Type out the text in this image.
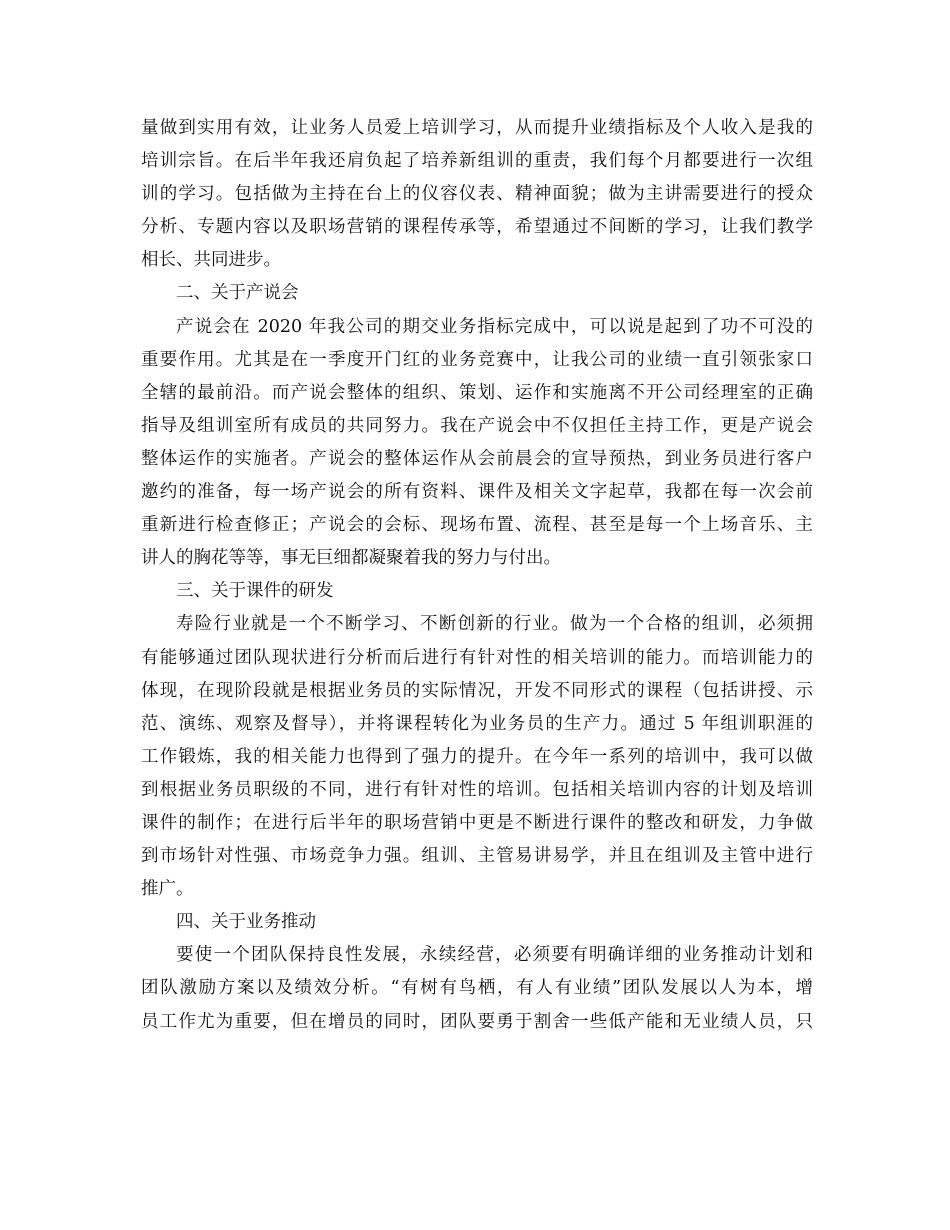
量做到实用有效，让业务人员爱上培训学习，从而提升业绩指标及个人收入是我的

培训宗旨。在后半年我还肩负起了培养新组训的重责，我们每个月都要进行一次组

训的学习。包括做为主持在台上的仪容仪表、精神面貌；做为主讲需要进行的授众

分析、专题内容以及职场营销的课程传承等，希望通过不间断的学习，让我们教学

相长、共同进步。

二、关于产说会

产说会在 2020 年我公司的期交业务指标完成中，可以说是起到了功不可没的

重要作用。尤其是在一季度开门红的业务竞赛中，让我公司的业绩一直引领张家口

全辖的最前沿。而产说会整体的组织、策划、运作和实施离不开公司经理室的正确

指导及组训室所有成员的共同努力。我在产说会中不仅担任主持工作，更是产说会

整体运作的实施者。产说会的整体运作从会前晨会的宣导预热，到业务员进行客户

邀约的准备，每一场产说会的所有资料、课件及相关文字起草，我都在每一次会前

重新进行检查修正；产说会的会标、现场布置、流程、甚至是每一个上场音乐、主

讲人的胸花等等，事无巨细都凝聚着我的努力与付出。

三、关于课件的研发

寿险行业就是一个不断学习、不断创新的行业。做为一个合格的组训，必须拥

有能够通过团队现状进行分析而后进行有针对性的相关培训的能力。而培训能力的

体现，在现阶段就是根据业务员的实际情况，开发不同形式的课程（包括讲授、示

范、演练、观察及督导），并将课程转化为业务员的生产力。通过 5 年组训职涯的

工作锻炼，我的相关能力也得到了强力的提升。在今年一系列的培训中，我可以做

到根据业务员职级的不同，进行有针对性的培训。包括相关培训内容的计划及培训

课件的制作；在进行后半年的职场营销中更是不断进行课件的整改和研发，力争做

到市场针对性强、市场竞争力强。组训、主管易讲易学，并且在组训及主管中进行

推广。

四、关于业务推动

要使一个团队保持良性发展，永续经营，必须要有明确详细的业务推动计划和

团队激励方案以及绩效分析。“有树有鸟栖，有人有业绩”团队发展以人为本，增

员工作尤为重要，但在增员的同时，团队要勇于割舍一些低产能和无业绩人员，只
